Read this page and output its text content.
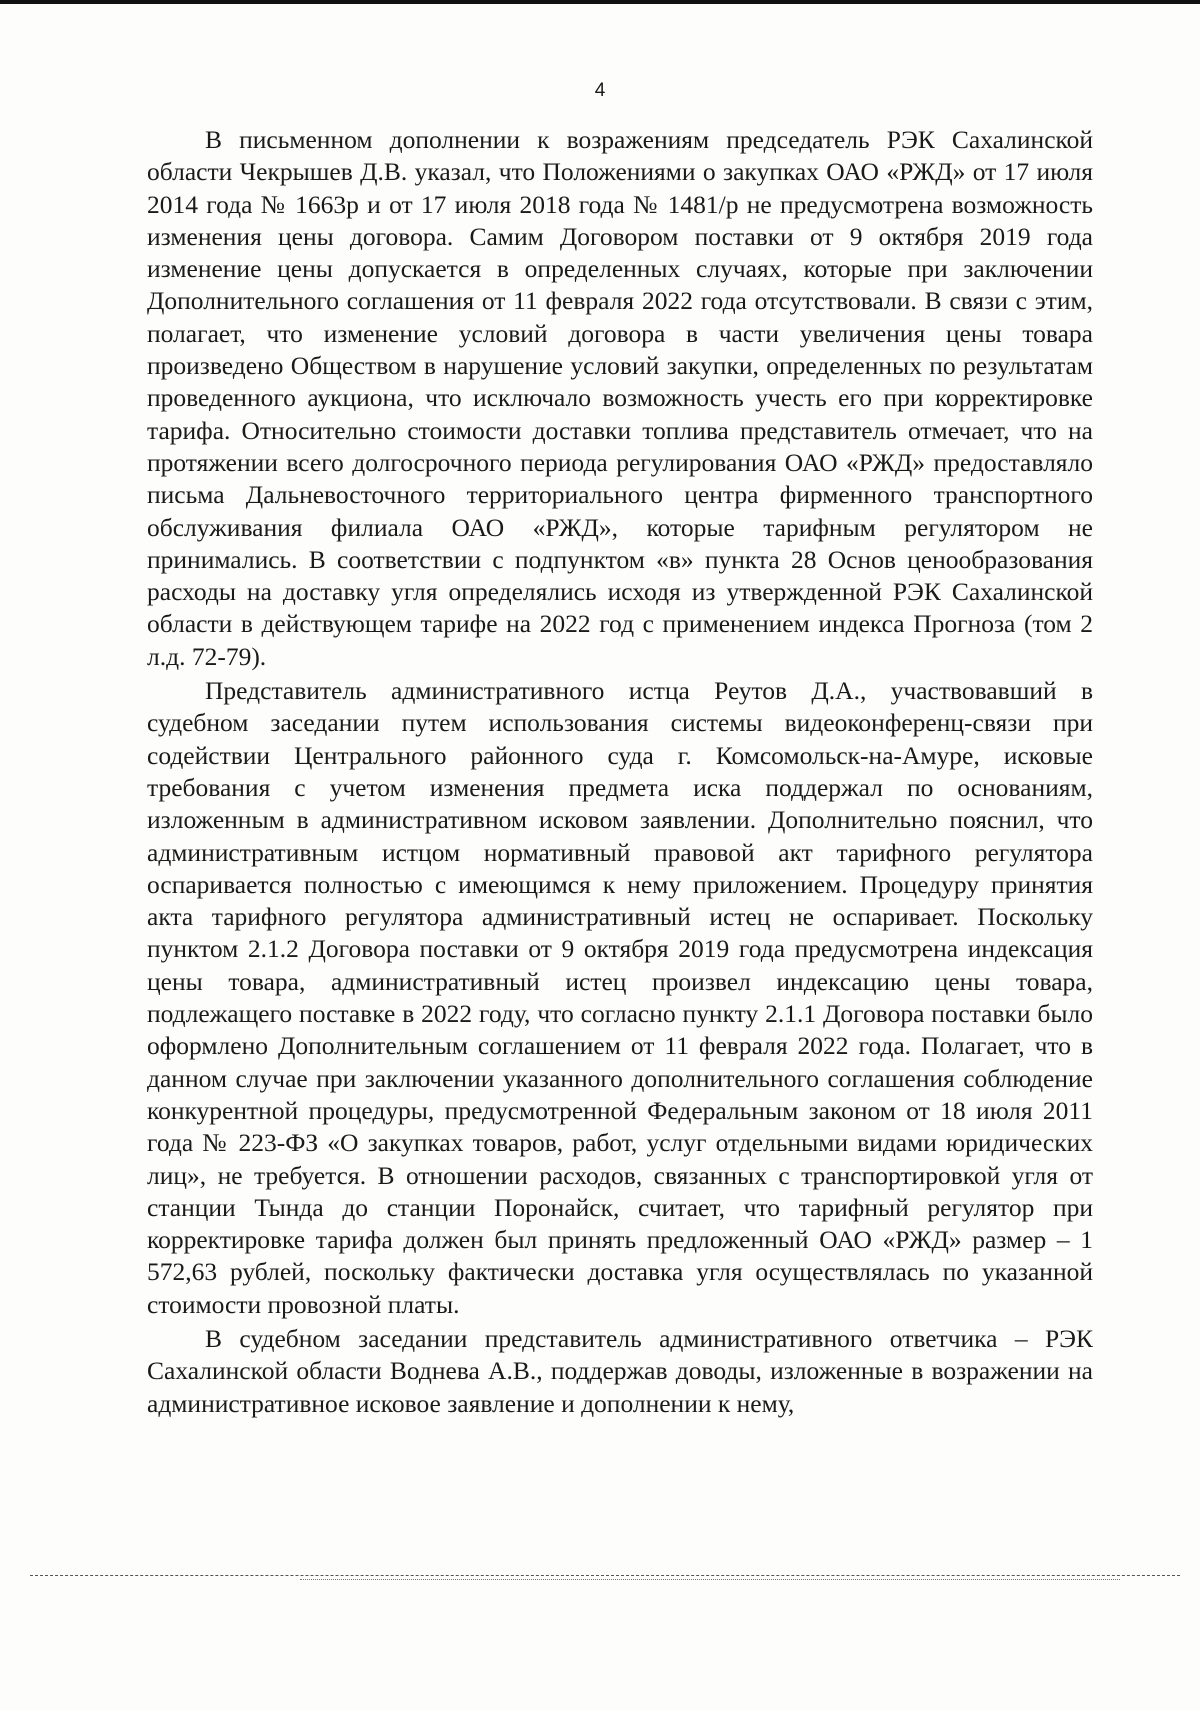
4

В письменном дополнении к возражениям председатель РЭК Сахалинской области Чекрышев Д.В. указал, что Положениями о закупках ОАО «РЖД» от 17 июля 2014 года № 1663р и от 17 июля 2018 года № 1481/р не предусмотрена возможность изменения цены договора. Самим Договором поставки от 9 октября 2019 года изменение цены допускается в определенных случаях, которые при заключении Дополнительного соглашения от 11 февраля 2022 года отсутствовали. В связи с этим, полагает, что изменение условий договора в части увеличения цены товара произведено Обществом в нарушение условий закупки, определенных по результатам проведенного аукциона, что исключало возможность учесть его при корректировке тарифа. Относительно стоимости доставки топлива представитель отмечает, что на протяжении всего долгосрочного периода регулирования ОАО «РЖД» предоставляло письма Дальневосточного территориального центра фирменного транспортного обслуживания филиала ОАО «РЖД», которые тарифным регулятором не принимались. В соответствии с подпунктом «в» пункта 28 Основ ценообразования расходы на доставку угля определялись исходя из утвержденной РЭК Сахалинской области в действующем тарифе на 2022 год с применением индекса Прогноза (том 2 л.д. 72-79).

Представитель административного истца Реутов Д.А., участвовавший в судебном заседании путем использования системы видеоконференц-связи при содействии Центрального районного суда г. Комсомольск-на-Амуре, исковые требования с учетом изменения предмета иска поддержал по основаниям, изложенным в административном исковом заявлении. Дополнительно пояснил, что административным истцом нормативный правовой акт тарифного регулятора оспаривается полностью с имеющимся к нему приложением. Процедуру принятия акта тарифного регулятора административный истец не оспаривает. Поскольку пунктом 2.1.2 Договора поставки от 9 октября 2019 года предусмотрена индексация цены товара, административный истец произвел индексацию цены товара, подлежащего поставке в 2022 году, что согласно пункту 2.1.1 Договора поставки было оформлено Дополнительным соглашением от 11 февраля 2022 года. Полагает, что в данном случае при заключении указанного дополнительного соглашения соблюдение конкурентной процедуры, предусмотренной Федеральным законом от 18 июля 2011 года № 223-ФЗ «О закупках товаров, работ, услуг отдельными видами юридических лиц», не требуется. В отношении расходов, связанных с транспортировкой угля от станции Тында до станции Поронайск, считает, что тарифный регулятор при корректировке тарифа должен был принять предложенный ОАО «РЖД» размер – 1 572,63 рублей, поскольку фактически доставка угля осуществлялась по указанной стоимости провозной платы.

В судебном заседании представитель административного ответчика – РЭК Сахалинской области Воднева А.В., поддержав доводы, изложенные в возражении на административное исковое заявление и дополнении к нему,
